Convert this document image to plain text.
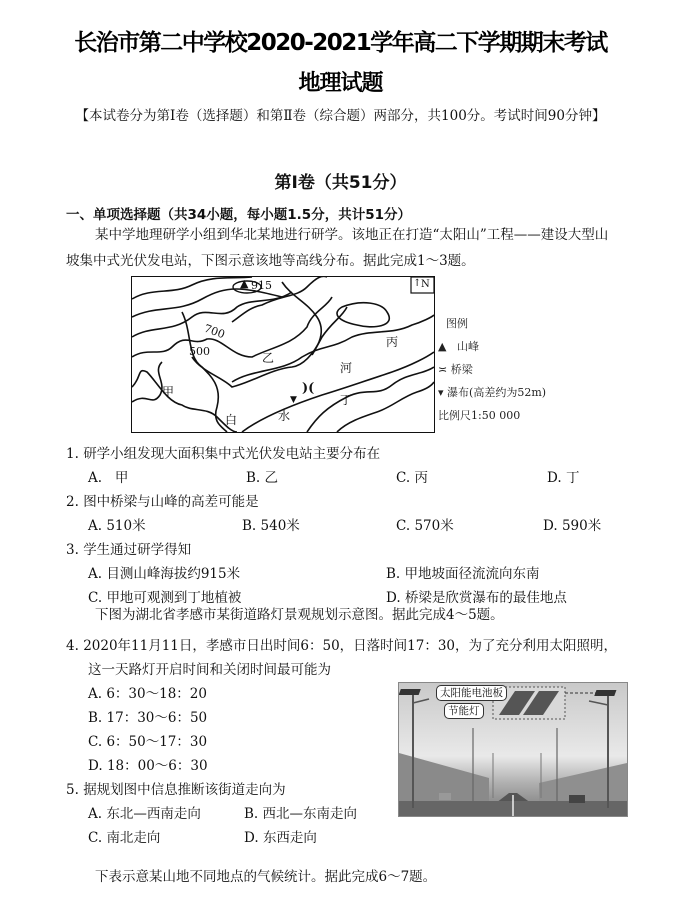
长治市第二中学校2020-2021学年高二下学期期末考试
地理试题
【本试卷分为第Ⅰ卷（选择题）和第Ⅱ卷（综合题）两部分，共100分。考试时间90分钟】
第Ⅰ卷（共51分）
一、单项选择题（共34小题，每小题1.5分，共计51分）
某中学地理研学小组到华北某地进行研学。该地正在打造“太阳山”工程——建设大型山
坡集中式光伏发电站，下图示意该地等高线分布。据此完成1～3题。
▲ 915
700
500
↑ N
甲
乙
丙
丁
白	水
河
)(
▼
图例
▲   山峰
≍ 桥梁
▾ 瀑布(高差约为52m)
比例尺1:50 000
1. 研学小组发现大面积集中式光伏发电站主要分布在
A. 甲	B. 乙	C. 丙	D. 丁
2. 图中桥梁与山峰的高差可能是
A. 510米	B. 540米	C. 570米	D. 590米
3. 学生通过研学得知
A. 目测山峰海拔约915米	B. 甲地坡面径流流向东南
C. 甲地可观测到丁地植被	D. 桥梁是欣赏瀑布的最佳地点
下图为湖北省孝感市某街道路灯景观规划示意图。据此完成4～5题。
4. 2020年11月11日，孝感市日出时间6：50，日落时间17：30，为了充分利用太阳照明，
这一天路灯开启时间和关闭时间最可能为
A. 6：30～18：20
B. 17：30～6：50
C. 6：50～17：30
D. 18：00～6：30
5. 据规划图中信息推断该街道走向为
A. 东北—西南走向	B. 西北—东南走向
C. 南北走向	D. 东西走向
太阳能电池板
节能灯
下表示意某山地不同地点的气候统计。据此完成6～7题。
